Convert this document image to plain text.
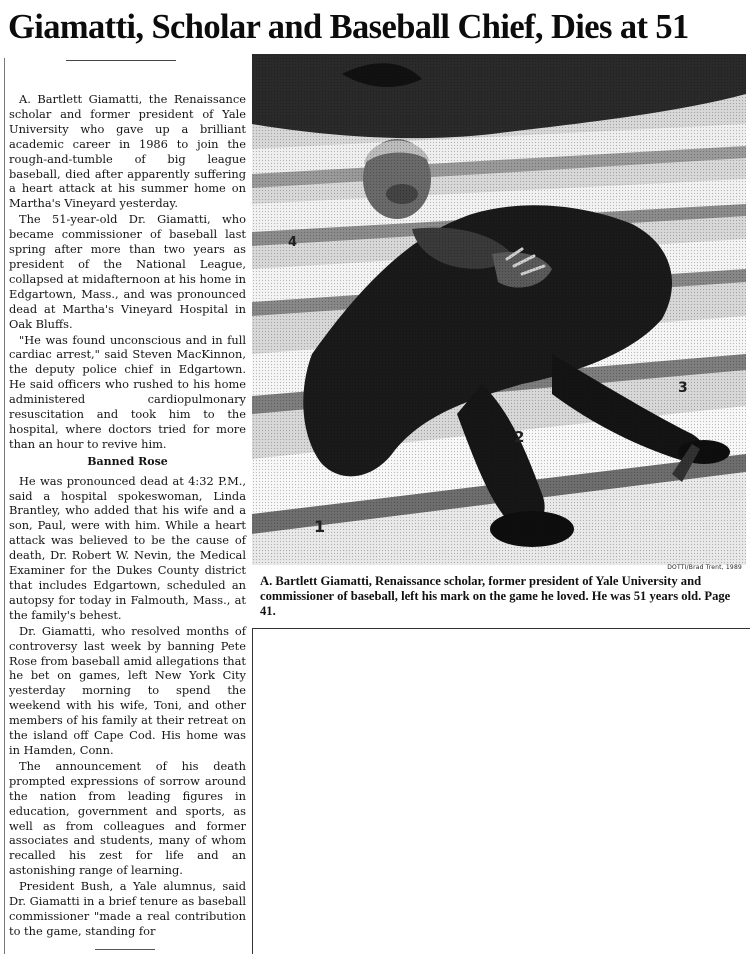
Giamatti, Scholar and Baseball Chief, Dies at 51

A. Bartlett Giamatti, the Renaissance scholar and former president of Yale University who gave up a brilliant academic career in 1986 to join the rough-and-tumble of big league baseball, died after apparently suffering a heart attack at his summer home on Martha's Vineyard yesterday.

The 51-year-old Dr. Giamatti, who became commissioner of baseball last spring after more than two years as president of the National League, collapsed at midafternoon at his home in Edgartown, Mass., and was pronounced dead at Martha's Vineyard Hospital in Oak Bluffs.

"He was found unconscious and in full cardiac arrest," said Steven MacKinnon, the deputy police chief in Edgartown. He said officers who rushed to his home administered cardiopulmonary resuscitation and took him to the hospital, where doctors tried for more than an hour to revive him.

Banned Rose

He was pronounced dead at 4:32 P.M., said a hospital spokeswoman, Linda Brantley, who added that his wife and a son, Paul, were with him. While a heart attack was believed to be the cause of death, Dr. Robert W. Nevin, the Medical Examiner for the Dukes County district that includes Edgartown, scheduled an autopsy for today in Falmouth, Mass., at the family's behest.

Dr. Giamatti, who resolved months of controversy last week by banning Pete Rose from baseball amid allegations that he bet on games, left New York City yesterday morning to spend the weekend with his wife, Toni, and other members of his family at their retreat on the island off Cape Cod. His home was in Hamden, Conn.

The announcement of his death prompted expressions of sorrow around the nation from leading figures in education, government and sports, as well as from colleagues and former associates and students, many of whom recalled his zest for life and an astonishing range of learning.

President Bush, a Yale alumnus, said Dr. Giamatti in a brief tenure as baseball commissioner "made a real contribution to the game, standing for

DOTTI/Brad Trent, 1989

A. Bartlett Giamatti, Renaissance scholar, former president of Yale University and commissioner of baseball, left his mark on the game he loved. He was 51 years old. Page 41.
